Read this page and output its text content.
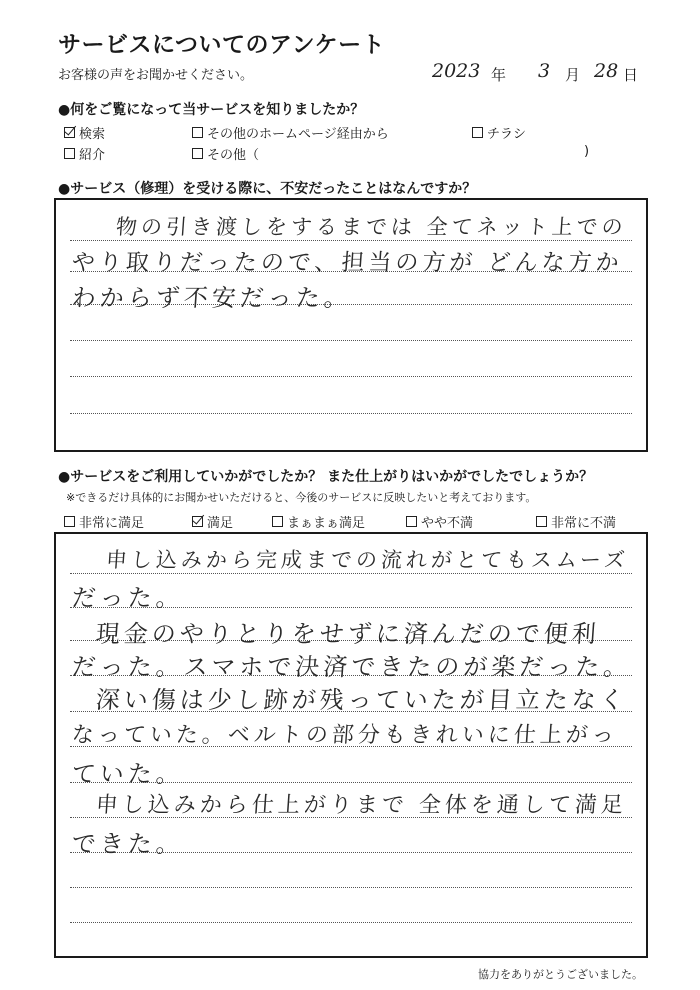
サービスについてのアンケート
お客様の声をお聞かせください。	2023 年 3 月 28 日
●何をご覧になって当サービスを知りましたか？
検索	その他のホームページ経由から	チラシ
紹介	その他（	)
●サービス（修理）を受ける際に、不安だったことはなんですか？
物の引き渡しをするまでは 全てネット上での
やり取りだったので、担当の方が どんな方か
わからず不安だった。
●サービスをご利用していかがでしたか？ また仕上がりはいかがでしたでしょうか？
※できるだけ具体的にお聞かせいただけると、今後のサービスに反映したいと考えております。
非常に満足	満足	まぁまぁ満足	やや不満	非常に不満
申し込みから完成までの流れがとてもスムーズ
だった。
現金のやりとりをせずに済んだので便利
だった。スマホで決済できたのが楽だった。
深い傷は少し跡が残っていたが目立たなく
なっていた。ベルトの部分もきれいに仕上がっ
ていた。
申し込みから仕上がりまで 全体を通して満足
できた。
協力をありがとうございました。
